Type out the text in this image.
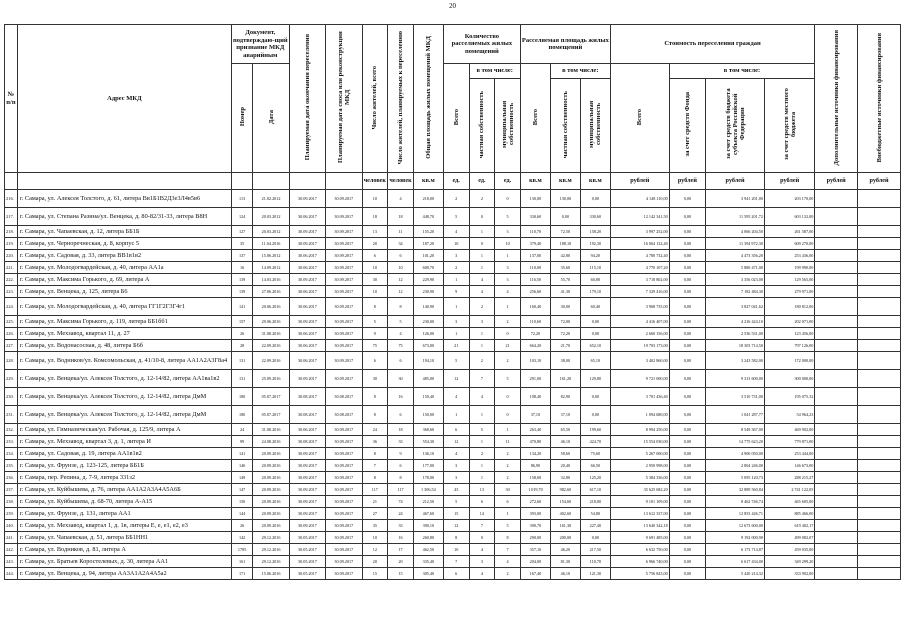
20
№ п/п	Адрес МКД	Документ, подтверждаю-щий признание МКД аварийным		Планируемая дата окончания переселения	Планируемая дата сноса или реконструкции МКД	Число жителей, всего	Число жителей, планируемых к переселению	Общая площадь жилых помещений МКД	Количество расселяемых жилых помещений			Расселяемая площадь жилых помещений			Стоимость переселения граждан				Дополнительные источники финансирования	Внебюджетные источники финансирования
		Номер	Дата						Всего	в том числе:		Всего	в том числе:		Всего	в том числе:				
										частная собственность	муниципальная собственность		частная собственность	муниципальная собственность		за счет средств Фонда	за счет средств бюджета субъекта Российской Федерации	за счет средств местного бюджета		
						человек	человек	кв.м	ед.	ед.	ед.	кв.м	кв.м	кв.м	рублей	рублей	рублей	рублей	рублей	рублей
216.	г. Самара, ул. Алексея Толстого, д. 61, литера Вв1Б1В2Д3е3Л4в5в6	113	21.02.2012	30.09.2017	30.09.2017	10	4	218,00	2	2	0	130,00	130,00	0,00	4 148 110,00	0,00	3 941 201,00	203 170,00		
217.	г. Самара, ул. Степана Разина/ул. Венцека, д. 80-82/31-33, литера В8Н	124	20.03.2012	30.06.2017	30.09.2017	18	18	448,70	5	0	5	330,60	0,00	330,60	12 142 341,50	0,00	11 595 201,72	603 132,00		
218.	г. Самара, ул. Чапаевская, д. 12, литера ББ1Б	127	20.03.2012	30.09.2017	30.09.2017	13	11	155,20	4	1	3	110,70	72,50	158,20	3 997 252,00	0,00	4 066 204,50	261 587,00		
219.	г. Самара, ул. Черноречнеская, д. 8, корпус 5	35	11.04.2016	30.09.2017	30.09.2017	20	34	187,20	10	0	10	379,40	188,10	192,30	16 064 132,40	0,00	11 394 972,30	609 270,00		
220.	г. Самара, ул. Садовая, д. 33, литера ВВ1в1в2	137	15.06.2012	30.06.2017	30.09.2017	6	6	101,20	3	1	1	137,00	42,80	94,20	4 780 732,40	0,00	4 473 356,20	253 436,00		
221.	г. Самара, ул. Молодогвардейская, д. 40, литера АА1а	16	14.09.2012	30.06.2017	30.09.2017	10	10	600,70	2	1	3	110,00	35,60	115,10	4 770 107,20	0,00	5 880 471,00	199 990,00		
222.	г. Самара, ул. Максима Горького, д. 69, литера А	139	14.03.2016	30.09.2017	30.09.2017	30	12	229,90	1	4	3	116,50	55,70	60,80	3 718 802,00	0,00	3 356 023,00	129 565,00		
223.	г. Самара, ул. Венцека, д. 125, литера Б6	139	27.06.2016	30.06.2017	30.09.2017	10	12	230,90	9	4	4	256,60	41,30	179,10	7 329 416,00	0,00	7 182 484,30	279 971,00		
224.	г. Самара, ул. Молодогвардейская, д. 40, литера ГГ1Г2Г3Г4г1	141	20.06.2016	30.06.2017	30.09.2017	8	8	140,90	1	2	1	160,40	30,00	60,40	3 968 735,00	0,00	3 827 041,62	180 812,00		
225.	г. Самара, ул. Максима Горького, д. 119, литера ББ1бб1	157	29.06.2016	30.09.2017	30.09.2017	5	5	230,00	3	3	2	110,60	72,00	0,00	4 416 407,00	0,00	4 216 424,10	202 071,00		
226.	г. Самара, ул. Мехзавод, квартал 11, д. 27	26	31.08.2016	30.06.2017	30.09.2017	9	4	126,00	1	1	0	72,20	72,20	0,00	2 660 156,00	0,00	2 536 531,00	123 456,00		
227.	г. Самара, ул. Водонасосная, д. 48, литера Б6б	28	22.09.2016	30.06.2017	30.09.2017	75	75	673,00	21	1	21	664,20	21,70	652,10	19 703 173,00	0,00	18 303 714,50	797 126,00		
228.	г. Самара, ул. Водников/ул. Комсомольская, д. 41/10-8, литера АА1А2А3Г8а4	131	22.09.2016	30.06.2017	30.09.2017	6	6	194,10	5	2	2	103,10	38,00	65,10	3 402 860,00	0,00	3 243 582,00	172 000,00		
229.	г. Самара, ул. Венцека/ул. Алексея Толстого, д. 12-14/82, литера АА1ва1в2	131	25.09.2016	30.09.2017	30.09.2017	30	30	485,00	12	7	5	291,00	161,20	129,80	9 721 000,00	0,00	9 313 600,00	300 000,00		
230.	г. Самара, ул. Венцека/ул. Алексея Толстого, д. 12-14/82, литера ДмМ	180	05.07.2017	30.08.2017	30.08.2017	8	16	150,40	4	4	0	108,40	82,90	0,00	3 701 436,40	0,00	3 510 731,00	195 075,32		
231.	г. Самара, ул. Венцека/ул. Алексея Толстого, д. 12-14/82, литера ДмМ	180	05.07.2017	30.08.2017	30.08.2017	8	6	150,00	1	1	0	37,10	37,10	0,00	1 094 680,00	0,00	1 041 287,77	54 964,23		
232.	г. Самара, ул. Гимназическая/ул. Рабочая, д. 125/9, литера А	24	31.08.2016	30.06.2017	30.09.2017	24	18	368,60	6	5	1	263,40	65,50	199,60	8 994 250,00	0,00	8 549 367,00	469 902,00		
233.	г. Самара, ул. Мехзавод, квартал 3, д. 1, литера И	99	24.08.2016	30.08.2017	30.09.2017	36	33	554,30	12	1	11	470,80	46,10	424,70	15 554 030,00	0,00	14 775 623,20	779 871,00		
234.	г. Самара, ул. Садовая, д. 19, литера АА1в1в2	141	20.09.2016	30.09.2017	30.09.2017	8	9	136,10	4	2	2	134,20	58,60	75,60	5 267 000,00	0,00	4 900 050,00	253 444,00		
235.	г. Самара, ул. Фрунзе, д. 123-125, литера ББ1Б	146	20.09.2016	30.09.2017	30.09.2017	7	6	177,00	3	1	2	86,90	20,40	66,50	2 950 998,00	0,00	2 804 246,00	146 673,00		
236.	г. Самара, пер. Репина, д. 7-9, литера 331з2	149	20.09.2016	30.09.2017	30.09.2017	8	8	178,00	3	1	2	158,00	32,80	125,20	5 384 336,00	0,00	5 095 120,73	288 215,27		
237.	г. Самара, ул. Куйбышева, д. 76, литера АА1А2А3А4А5А6Б	147	20.09.2016	30.09.2017	30.09.2017	117	117	1 306,54	43	13	30	1 019,70	982,60	617,10	35 625 682,20	0,00	32 889 560,84	2 741 122,05		
238.	г. Самара, ул. Куйбышева, д. 68-70, литера А-А15	150	20.09.2016	30.09.2017	30.09.2017	21	74	212,50	5	6	6	272,60	154,60	218,00	9 101 109,00	0,00	8 462 746,74	465 605,00		
239.	г. Самара, ул. Фрунзе, д. 131, литера АА1	144	20.09.2016	30.09.2017	30.09.2017	27	24	467,60	15	14	1	393,00	402,60	54,80	13 612 337,00	0,00	12 853 426,71	885 466,00		
240.	г. Самара, ул. Мехзавод, квартал 1, д. 1в, литеры Е, е, е1, е2, е3	26	20.09.2016	30.09.2017	30.09.2017	35	33	390,10	12	7	5	390,70	161,30	227,40	13 640 342,18	0,00	12 673 600,00	619 402,17		
241.	г. Самара, ул. Чапаевская, д. 51, литера ББ1НН1	142	29.12.2016	30.05.2017	30.09.2017	10	16	260,80	8	0	8	290,00	200,00	0,00	9 691 485,00	0,00	9 192 000,90	499 082,07		
242.	г. Самара, ул. Водников, д. 81, литера А	1785	29.12.2016	30.05.2017	30.09.2017	12	17	462,50	10	4	7	357,10	46,20	217,50	6 632 750,00	0,00	6 173 714,87	459 035,00		
243.	г. Самара, ул. Братьев Коростелевых, д. 30, литера АА1	161	29.12.2016	30.05.2017	30.09.2017	20	20	335,40	7	3	4	204,00	81,30	110,70	6 966 740,00	0,00	6 617 434,00	349 299,20		
244.	г. Самара, ул. Венцека, д. 94, литера АА3А1А2А4А5а2	171	15.06.2016	30.05.2017	30.09.2017	15	15	305,40	6	4	2	167,40	46,10	121,30	5 756 843,00	0,00	5 420 214,32	333 902,00		
